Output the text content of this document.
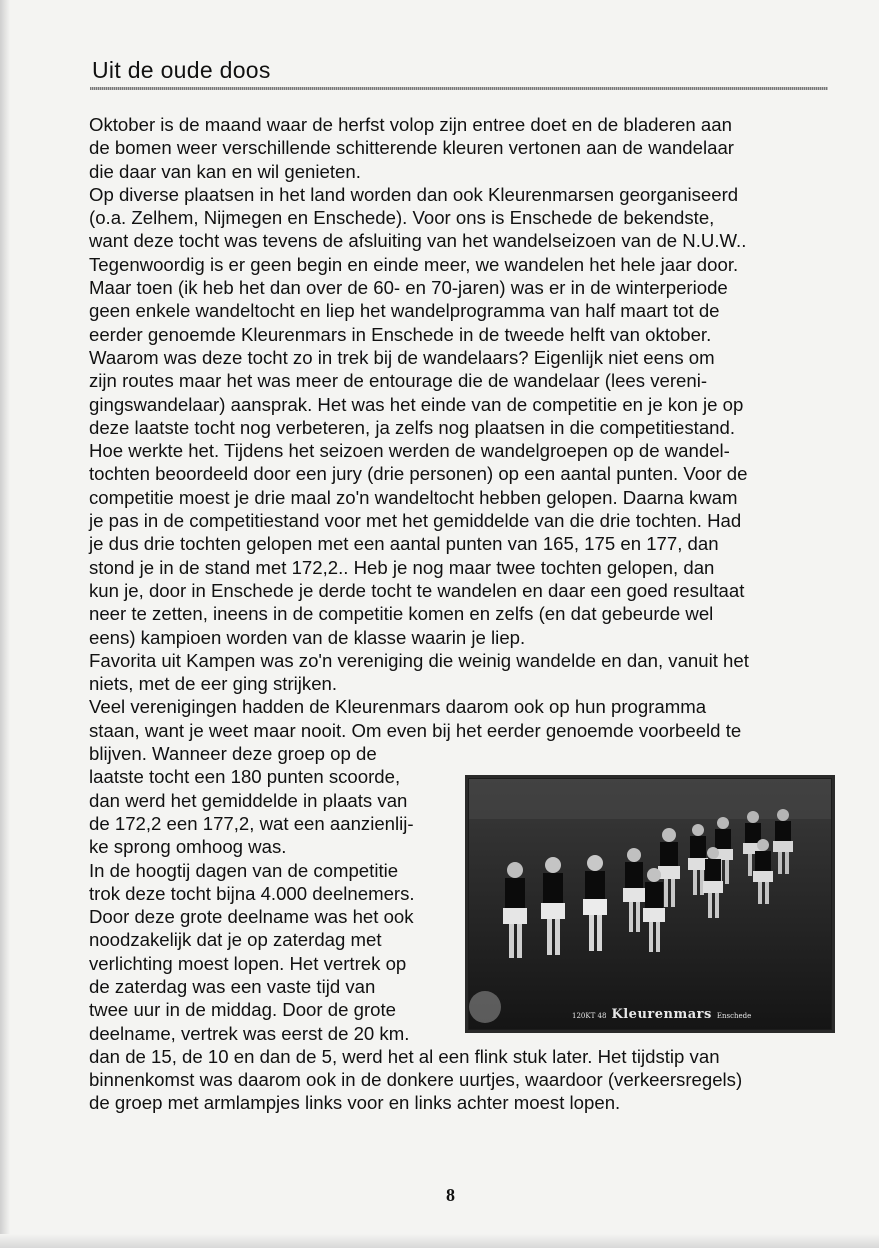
Uit de oude doos
Oktober is de maand waar de herfst volop zijn entree doet en de bladeren aan
de bomen weer verschillende schitterende kleuren vertonen aan de wandelaar
die daar van kan en wil genieten.
Op diverse plaatsen in het land worden dan ook Kleurenmarsen georganiseerd
(o.a. Zelhem, Nijmegen en Enschede). Voor ons is Enschede de bekendste,
want deze tocht was tevens de afsluiting van het wandelseizoen van de N.U.W..
Tegenwoordig is er geen begin en einde meer, we wandelen het hele jaar door.
Maar toen (ik heb het dan over de 60- en 70-jaren) was er in de winterperiode
geen enkele wandeltocht en liep het wandelprogramma van half maart tot de
eerder genoemde Kleurenmars in Enschede in de tweede helft van oktober.
Waarom was deze tocht zo in trek bij de wandelaars? Eigenlijk niet eens om
zijn routes maar het was meer de entourage die de wandelaar (lees vereni-
gingswandelaar) aansprak. Het was het einde van de competitie en je kon je op
deze laatste tocht nog verbeteren, ja zelfs nog plaatsen in die competitiestand.
Hoe werkte het. Tijdens het seizoen werden de wandelgroepen op de wandel-
tochten beoordeeld door een jury (drie personen) op een aantal punten. Voor de
competitie moest je drie maal zo'n wandeltocht hebben gelopen. Daarna kwam
je pas in de competitiestand voor met het gemiddelde van die drie tochten. Had
je dus drie tochten gelopen met een aantal punten van 165, 175 en 177, dan
stond je in de stand met 172,2.. Heb je nog maar twee tochten gelopen, dan
kun je, door in Enschede je derde tocht te wandelen en daar een goed resultaat
neer te zetten, ineens in de competitie komen en zelfs (en dat gebeurde wel
eens) kampioen worden van de klasse waarin je liep.
Favorita uit Kampen was zo'n vereniging die weinig wandelde en dan, vanuit het
niets, met de eer ging strijken.
Veel verenigingen hadden de Kleurenmars daarom ook op hun programma
staan, want je weet maar nooit. Om even bij het eerder genoemde voorbeeld te
blijven. Wanneer deze groep op de
laatste tocht een 180 punten scoorde,
dan werd het gemiddelde in plaats van
de 172,2 een 177,2, wat een aanzienlij-
ke sprong omhoog was.
In de hoogtij dagen van de competitie
trok deze tocht bijna 4.000 deelnemers.
Door deze grote deelname was het ook
noodzakelijk dat je op zaterdag met
verlichting moest lopen. Het vertrek op
de zaterdag was een vaste tijd van
twee uur in de middag. Door de grote
deelname, vertrek was eerst de 20 km.
dan de 15, de 10 en dan de 5, werd het al een flink stuk later. Het tijdstip van
binnenkomst was daarom ook in de donkere uurtjes, waardoor (verkeersregels)
de groep met armlampjes links voor en links achter moest lopen.
120KT 48 Kleurenmars Enschede
8
